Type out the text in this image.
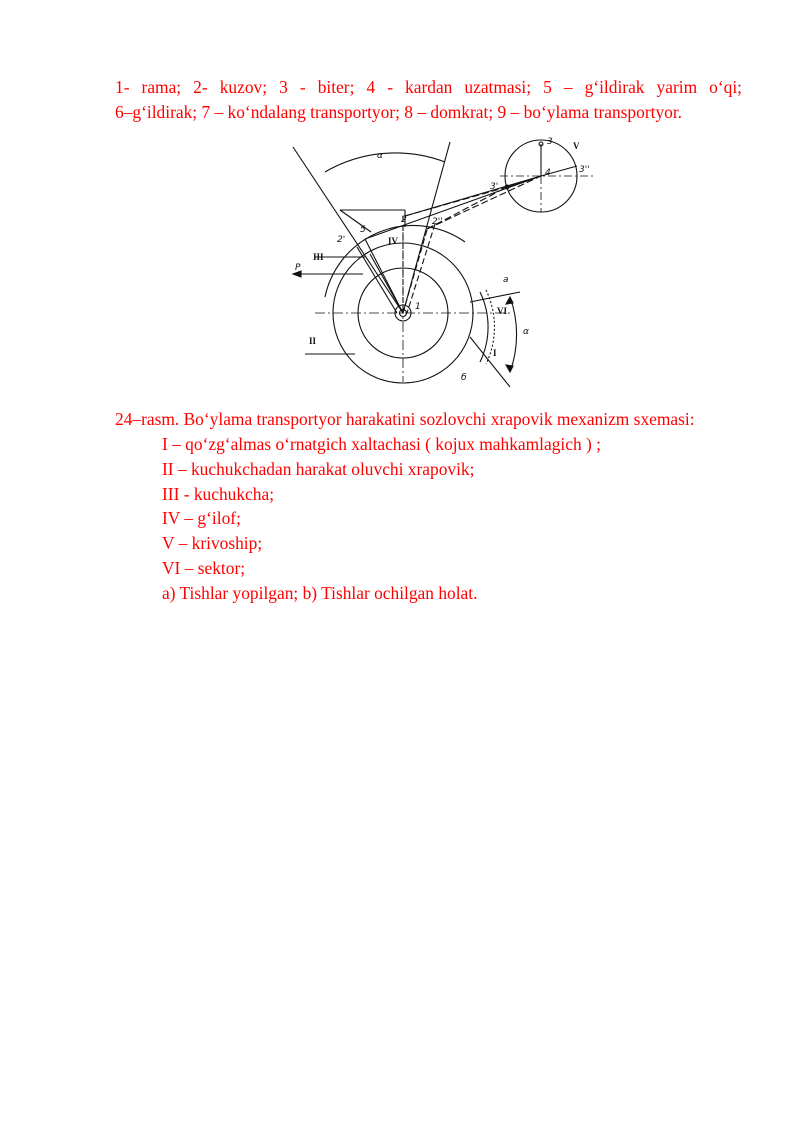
1- rama; 2- kuzov; 3 - biter; 4 - kardan uzatmasi; 5 – g‘ildirak yarim o‘qi;
6–g‘ildirak; 7 – ko‘ndalang transportyor; 8 – domkrat; 9 – bo‘ylama transportyor.
α
α
P
1
2
2'
2''
3
3'
3''
4
5
б
a
I
II
III
IV
V
VI
24–rasm. Bo‘ylama transportyor harakatini sozlovchi xrapovik mexanizm sxemasi:
I – qo‘zg‘almas o‘rnatgich xaltachasi ( kojux mahkamlagich ) ;
II – kuchukchadan harakat oluvchi xrapovik;
III - kuchukcha;
IV – g‘ilof;
V – krivoship;
VI – sektor;
a) Tishlar yopilgan; b) Tishlar ochilgan holat.
